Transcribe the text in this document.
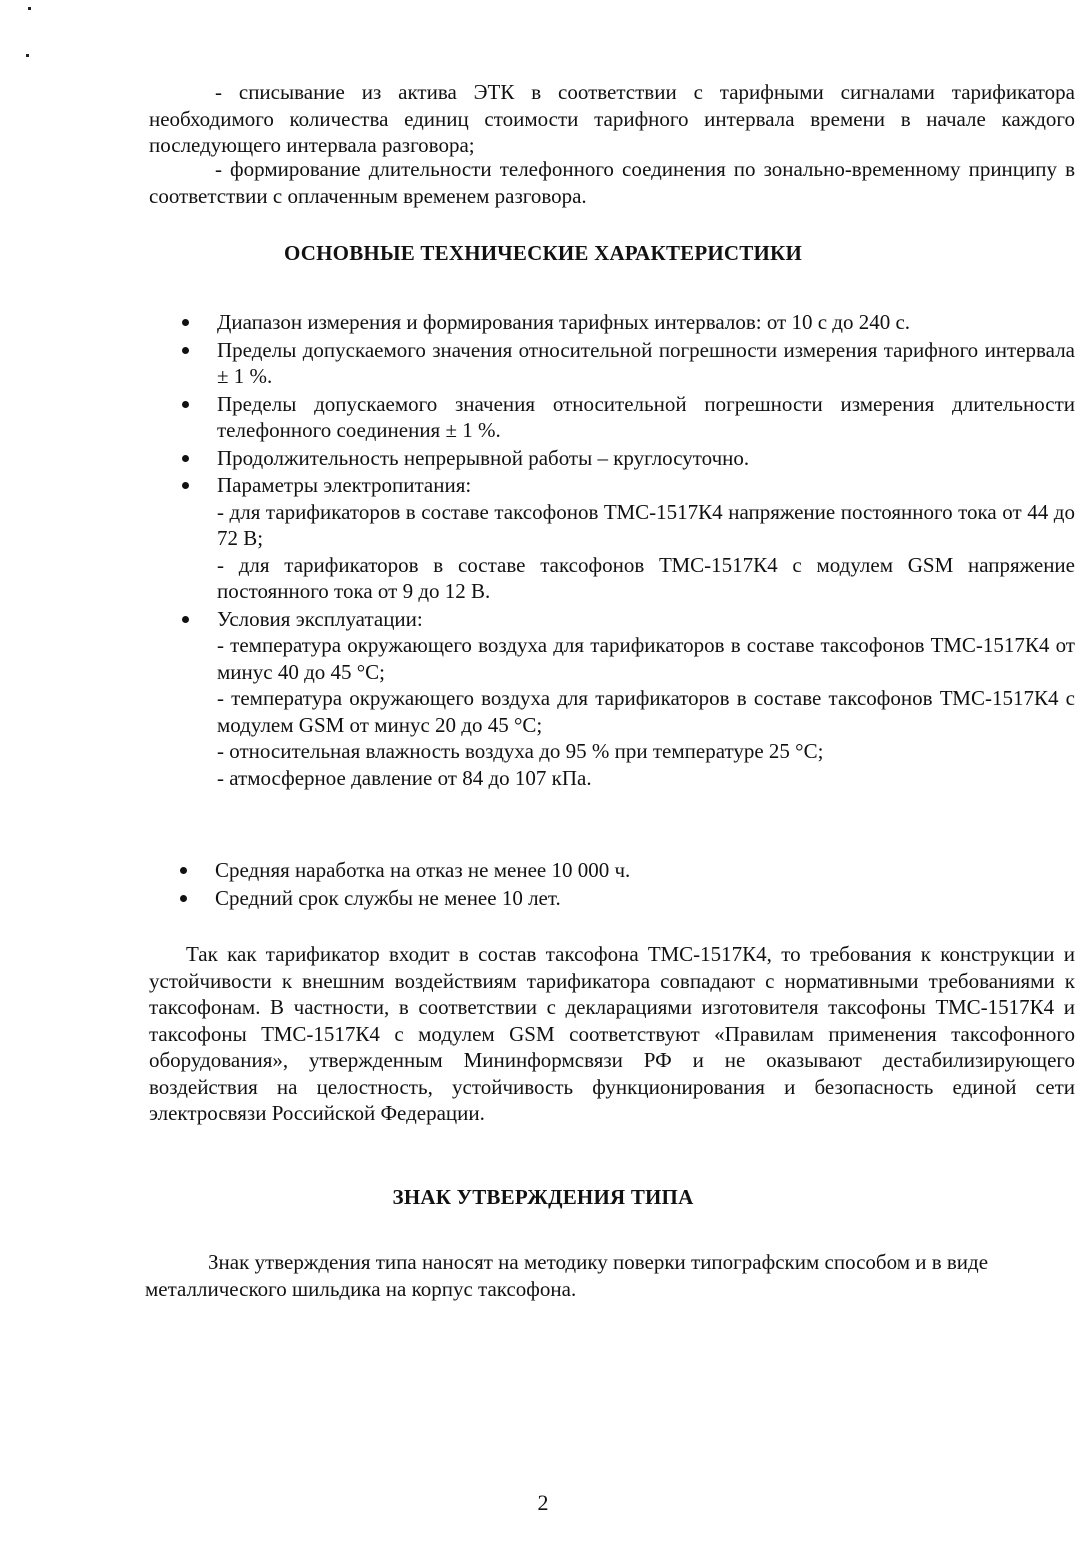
- списывание из актива ЭТК в соответствии с тарифными сигналами тарификатора необходимого количества единиц стоимости тарифного интервала времени в начале каждого последующего интервала разговора;
- формирование длительности телефонного соединения по зонально-временному принципу в соответствии с оплаченным временем разговора.
ОСНОВНЫЕ ТЕХНИЧЕСКИЕ ХАРАКТЕРИСТИКИ
Диапазон измерения и формирования тарифных интервалов: от 10 с до 240 с.
Пределы допускаемого значения относительной погрешности измерения тарифного интервала ± 1 %.
Пределы допускаемого значения относительной погрешности измерения длительности телефонного соединения ± 1 %.
Продолжительность непрерывной работы – круглосуточно.
Параметры электропитания:
- для тарификаторов в составе таксофонов ТМС-1517К4 напряжение постоянного тока от 44 до 72 В;
- для тарификаторов в составе таксофонов ТМС-1517К4 с модулем GSM напряжение постоянного тока от 9 до 12 В.
Условия эксплуатации:
- температура окружающего воздуха для тарификаторов в составе таксофонов ТМС-1517К4 от минус 40 до 45 °С;
- температура окружающего воздуха для тарификаторов в составе таксофонов ТМС-1517К4 с модулем GSM от минус 20 до 45 °С;
- относительная влажность воздуха до 95 % при температуре 25 °С;
- атмосферное давление от 84 до 107 кПа.
Средняя наработка на отказ не менее 10 000 ч.
Средний срок службы не менее 10 лет.
Так как тарификатор входит в состав таксофона ТМС-1517К4, то требования к конструкции и устойчивости к внешним воздействиям тарификатора совпадают с нормативными требованиями к таксофонам. В частности, в соответствии с декларациями изготовителя таксофоны ТМС-1517К4 и таксофоны ТМС-1517К4 с модулем GSM соответствуют «Правилам применения таксофонного оборудования», утвержденным Мининформсвязи РФ и не оказывают дестабилизирующего воздействия на целостность, устойчивость функционирования и безопасность единой сети электросвязи Российской Федерации.
ЗНАК УТВЕРЖДЕНИЯ ТИПА
Знак утверждения типа наносят на методику поверки типографским способом и в виде металлического шильдика на корпус таксофона.
2
